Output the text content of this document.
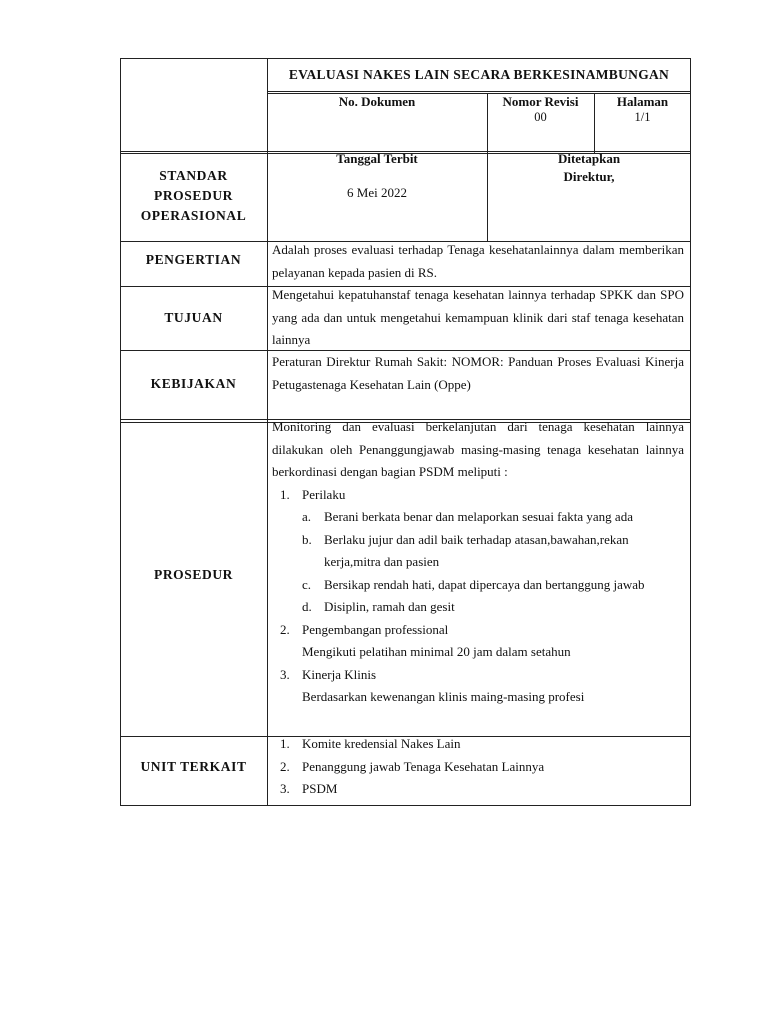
EVALUASI NAKES LAIN SECARA BERKESINAMBUNGAN
No. Dokumen	Nomor Revisi
00
Halaman
1/1
STANDAR
PROSEDUR
OPERASIONAL
Tanggal Terbit
6 Mei 2022
Ditetapkan
Direktur,
PENGERTIAN
Adalah proses evaluasi terhadap Tenaga kesehatanlainnya dalam memberikan pelayanan kepada pasien di RS.
TUJUAN
Mengetahui kepatuhanstaf tenaga kesehatan lainnya terhadap SPKK dan SPO yang ada dan untuk mengetahui kemampuan klinik dari staf tenaga kesehatan lainnya
KEBIJAKAN
Peraturan Direktur Rumah Sakit: NOMOR: Panduan Proses Evaluasi Kinerja Petugastenaga Kesehatan Lain (Oppe)
PROSEDUR

Monitoring dan evaluasi berkelanjutan dari tenaga kesehatan lainnya dilakukan oleh Penanggungjawab masing-masing tenaga kesehatan lainnya berkordinasi dengan bagian PSDM meliputi :

1. Perilaku
a. Berani berkata benar dan melaporkan sesuai fakta yang ada
b. Berlaku jujur dan adil baik terhadap atasan,bawahan,rekan kerja,mitra dan pasien
c. Bersikap rendah hati, dapat dipercaya dan bertanggung jawab
d. Disiplin, ramah dan gesit
2. Pengembangan professional
Mengikuti pelatihan minimal 20 jam dalam setahun
3. Kinerja Klinis
Berdasarkan kewenangan klinis maing-masing profesi
UNIT TERKAIT
1. Komite kredensial Nakes Lain
2. Penanggung jawab Tenaga Kesehatan Lainnya
3. PSDM
